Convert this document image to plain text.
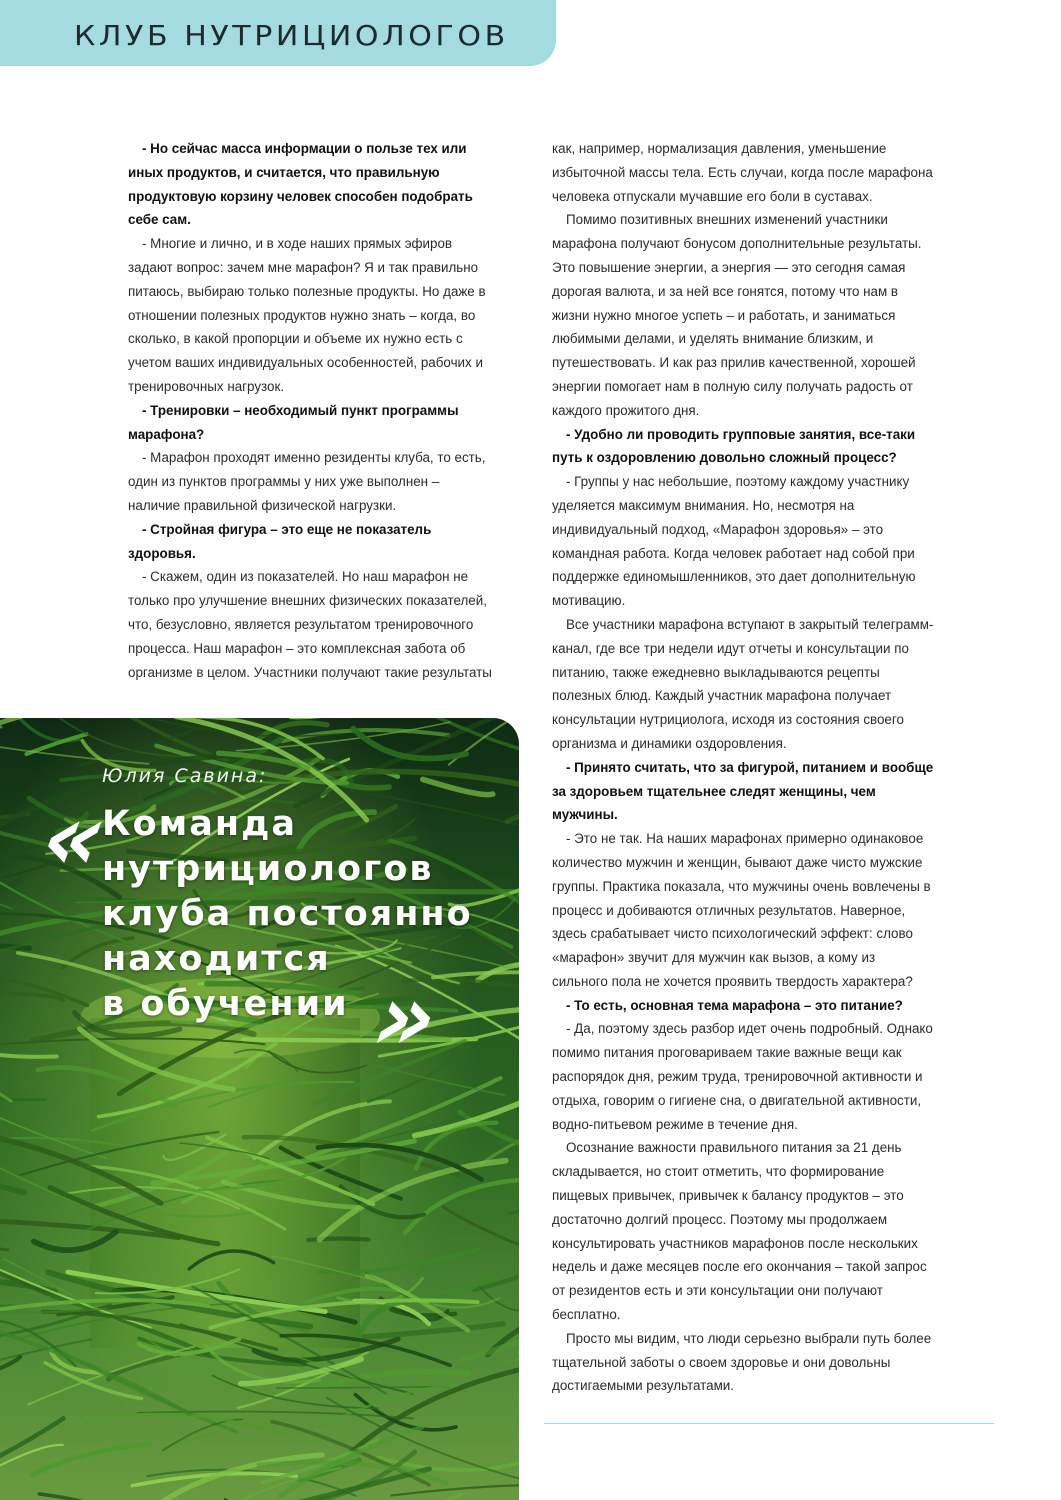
КЛУБ НУТРИЦИОЛОГОВ

- Но сейчас масса информации о пользе тех или иных продуктов, и считается, что правильную продуктовую корзину человек способен подобрать себе сам.

- Многие и лично, и в ходе наших прямых эфиров задают вопрос: зачем мне марафон? Я и так правильно питаюсь, выбираю только полезные продукты. Но даже в отношении полезных продуктов нужно знать – когда, во сколько, в какой пропорции и объеме их нужно есть с учетом ваших индивидуальных особенностей, рабочих и тренировочных нагрузок.

- Тренировки – необходимый пункт программы марафона?

- Марафон проходят именно резиденты клуба, то есть, один из пунктов программы у них уже выполнен – наличие правильной физической нагрузки.

- Стройная фигура – это еще не показатель здоровья.

- Скажем, один из показателей. Но наш марафон не только про улучшение внешних физических показателей, что, безусловно, является результатом тренировочного процесса. Наш марафон – это комплексная забота об организме в целом. Участники получают такие результаты

как, например, нормализация давления, уменьшение избыточной массы тела. Есть случаи, когда после марафона человека отпускали мучавшие его боли в суставах.

Помимо позитивных внешних изменений участники марафона получают бонусом дополнительные результаты. Это повышение энергии, а энергия — это сегодня самая дорогая валюта, и за ней все гонятся, потому что нам в жизни нужно многое успеть – и работать, и заниматься любимыми делами, и уделять внимание близким, и путешествовать. И как раз прилив качественной, хорошей энергии помогает нам в полную силу получать радость от каждого прожитого дня.

- Удобно ли проводить групповые занятия, все-таки путь к оздоровлению довольно сложный процесс?

- Группы у нас небольшие, поэтому каждому участнику уделяется максимум внимания. Но, несмотря на индивидуальный подход, «Марафон здоровья» – это командная работа. Когда человек работает над собой при поддержке единомышленников, это дает дополнительную мотивацию.

Все участники марафона вступают в закрытый телеграмм-канал, где все три недели идут отчеты и консультации по питанию, также ежедневно выкладываются рецепты полезных блюд. Каждый участник марафона получает консультации нутрициолога, исходя из состояния своего организма и динамики оздоровления.

- Принято считать, что за фигурой, питанием и вообще за здоровьем тщательнее следят женщины, чем мужчины.

- Это не так. На наших марафонах примерно одинаковое количество мужчин и женщин, бывают даже чисто мужские группы. Практика показала, что мужчины очень вовлечены в процесс и добиваются отличных результатов. Наверное, здесь срабатывает чисто психологический эффект: слово «марафон» звучит для мужчин как вызов, а кому из сильного пола не хочется проявить твердость характера?

- То есть, основная тема марафона – это питание?

- Да, поэтому здесь разбор идет очень подробный. Однако помимо питания проговариваем такие важные вещи как распорядок дня, режим труда, тренировочной активности и отдыха, говорим о гигиене сна, о двигательной активности, водно-питьевом режиме в течение дня.

Осознание важности правильного питания за 21 день складывается, но стоит отметить, что формирование пищевых привычек, привычек к балансу продуктов – это достаточно долгий процесс. Поэтому мы продолжаем консультировать участников марафонов после нескольких недель и даже месяцев после его окончания – такой запрос от резидентов есть и эти консультации они получают бесплатно.

Просто мы видим, что люди серьезно выбрали путь более тщательной заботы о своем здоровье и они довольны достигаемыми результатами.

Юлия Савина:
«
Команда
нутрициологов
клуба постоянно
находится
в обучении »
